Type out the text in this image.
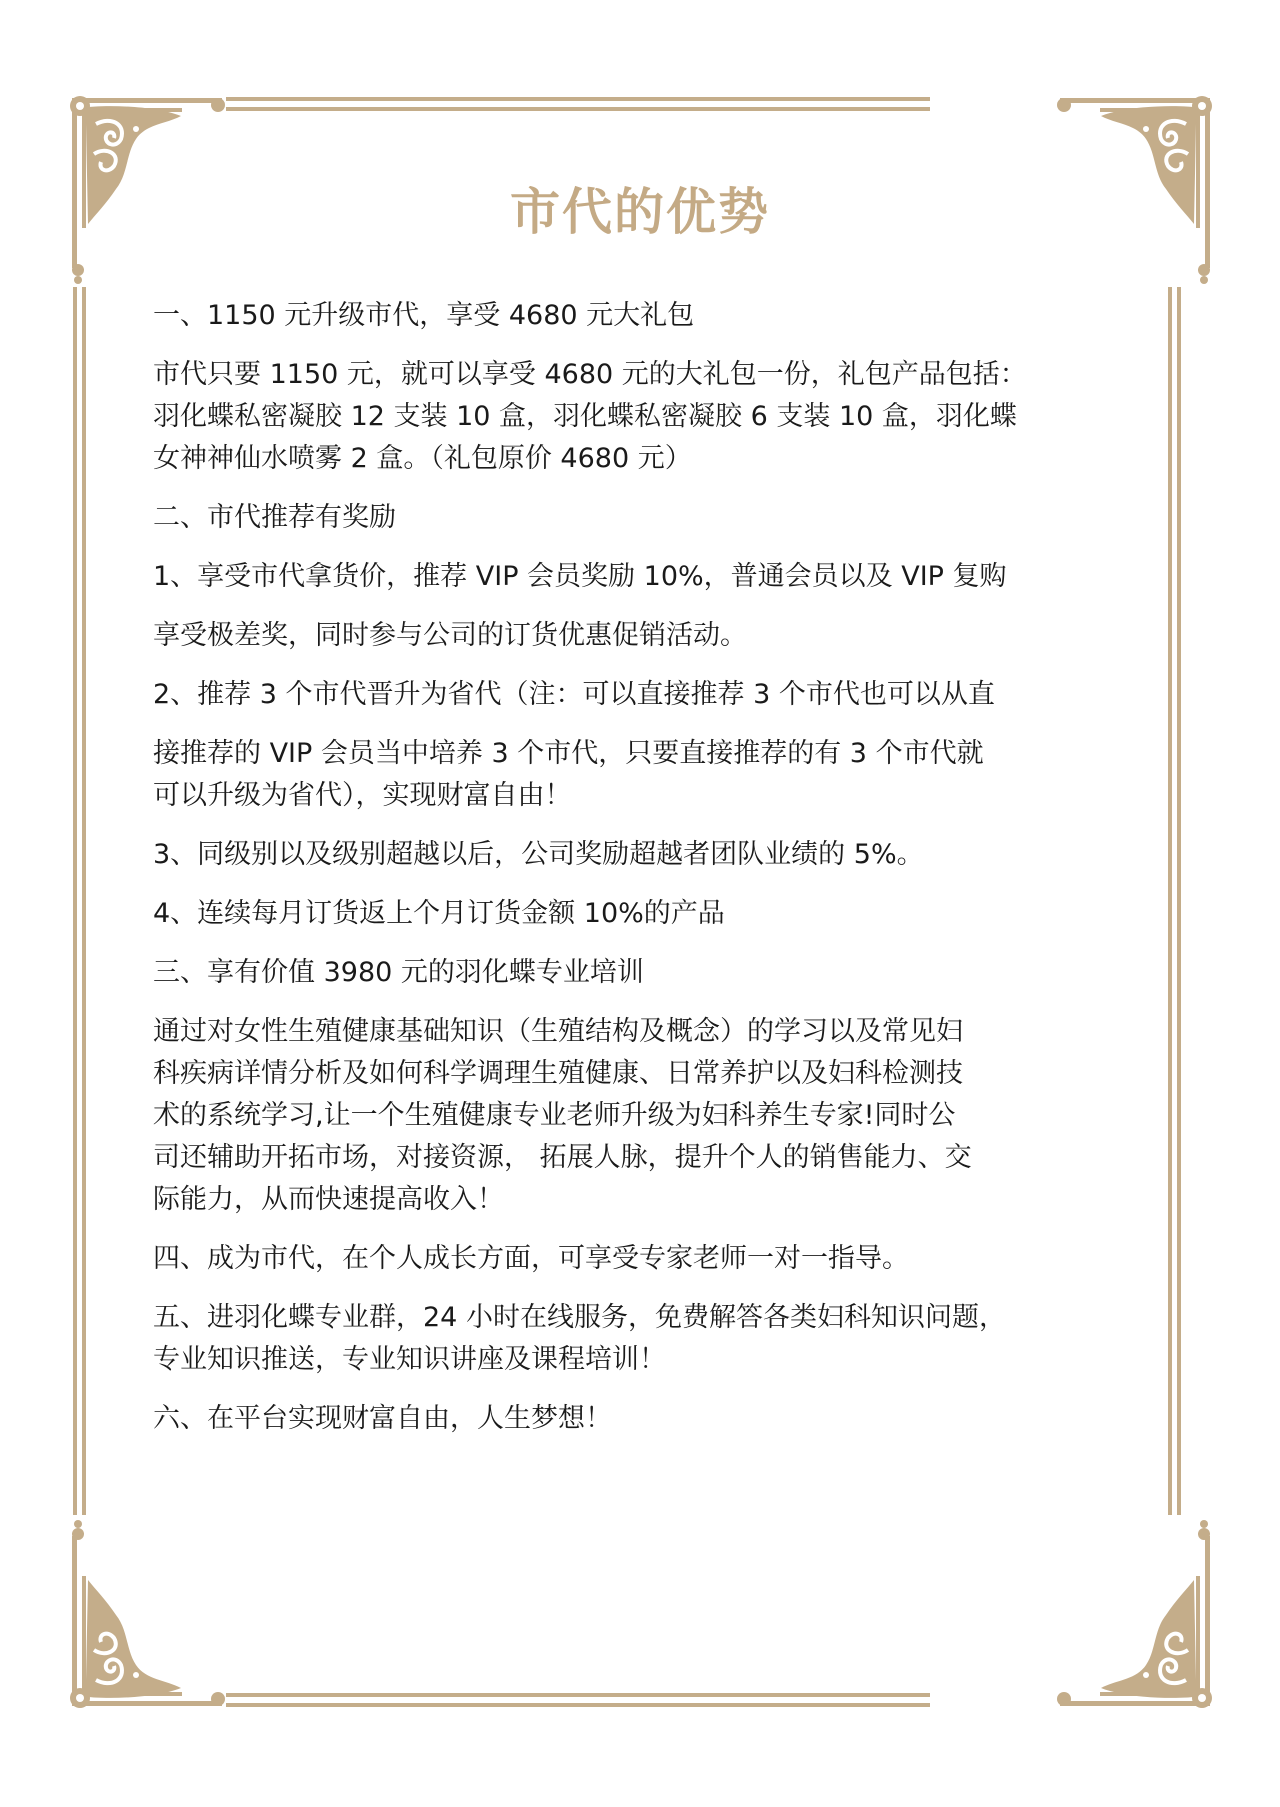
市代的优势

一、1150 元升级市代，享受 4680 元大礼包

市代只要 1150 元，就可以享受 4680 元的大礼包一份，礼包产品包括：

羽化蝶私密凝胶 12 支装 10 盒，羽化蝶私密凝胶 6 支装 10 盒，羽化蝶

女神神仙水喷雾 2 盒。（礼包原价 4680 元）

二、市代推荐有奖励

1、享受市代拿货价，推荐 VIP 会员奖励 10%，普通会员以及 VIP 复购

享受极差奖，同时参与公司的订货优惠促销活动。

2、推荐 3 个市代晋升为省代（注：可以直接推荐 3 个市代也可以从直

接推荐的 VIP 会员当中培养 3 个市代，只要直接推荐的有 3 个市代就

可以升级为省代），实现财富自由！

3、同级别以及级别超越以后，公司奖励超越者团队业绩的 5%。

4、连续每月订货返上个月订货金额 10%的产品

三、享有价值 3980 元的羽化蝶专业培训

通过对女性生殖健康基础知识（生殖结构及概念）的学习以及常见妇

科疾病详情分析及如何科学调理生殖健康、日常养护以及妇科检测技

术的系统学习,让一个生殖健康专业老师升级为妇科养生专家!同时公

司还辅助开拓市场，对接资源， 拓展人脉，提升个人的销售能力、交

际能力，从而快速提高收入！

四、成为市代，在个人成长方面，可享受专家老师一对一指导。

五、进羽化蝶专业群，24 小时在线服务，免费解答各类妇科知识问题，

专业知识推送，专业知识讲座及课程培训！

六、在平台实现财富自由，人生梦想！
